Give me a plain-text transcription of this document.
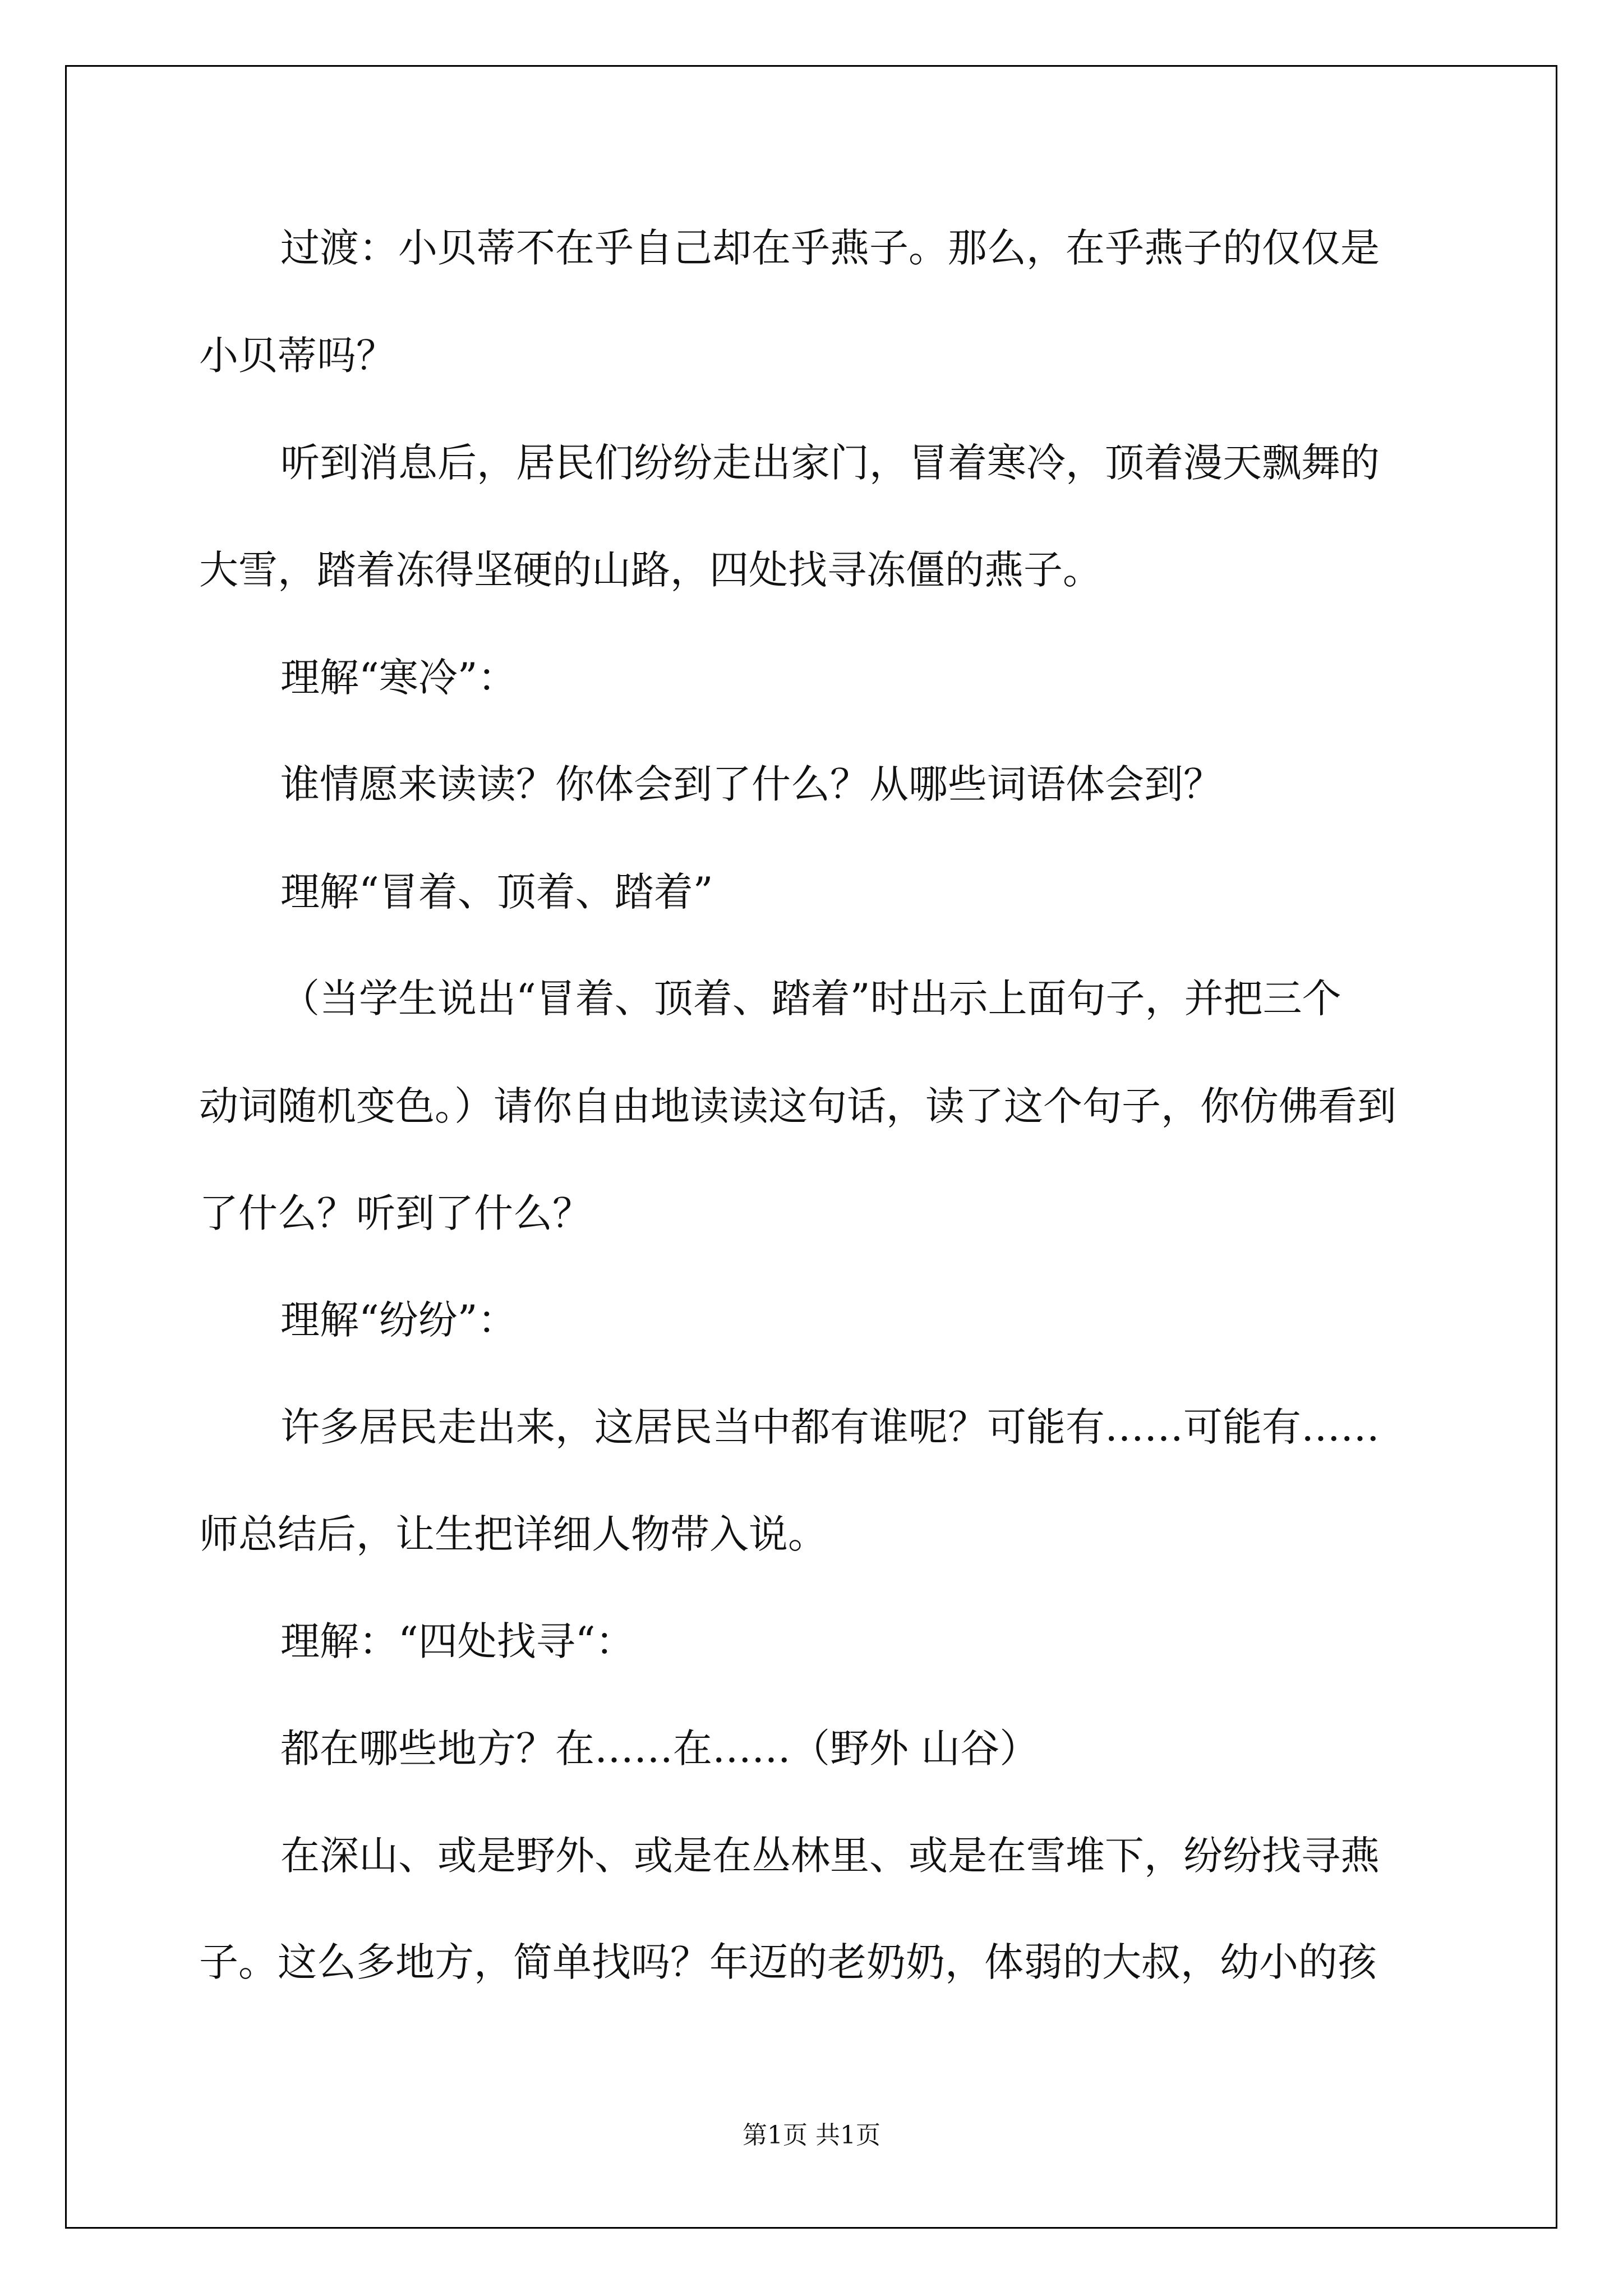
过渡：小贝蒂不在乎自己却在乎燕子。那么，在乎燕子的仅仅是
小贝蒂吗？
听到消息后，居民们纷纷走出家门，冒着寒冷，顶着漫天飘舞的
大雪，踏着冻得坚硬的山路，四处找寻冻僵的燕子。
理解“寒冷”：
谁情愿来读读？你体会到了什么？从哪些词语体会到？
理解“冒着、顶着、踏着”
（当学生说出“冒着、顶着、踏着”时出示上面句子，并把三个
动词随机变色。）请你自由地读读这句话，读了这个句子，你仿佛看到
了什么？听到了什么？
理解“纷纷”：
许多居民走出来，这居民当中都有谁呢？可能有……可能有……
师总结后，让生把详细人物带入说。
理解：“四处找寻“：
都在哪些地方？在……在……（野外 山谷）
在深山、或是野外、或是在丛林里、或是在雪堆下，纷纷找寻燕
子。这么多地方，简单找吗？年迈的老奶奶，体弱的大叔，幼小的孩
第1页 共1页
